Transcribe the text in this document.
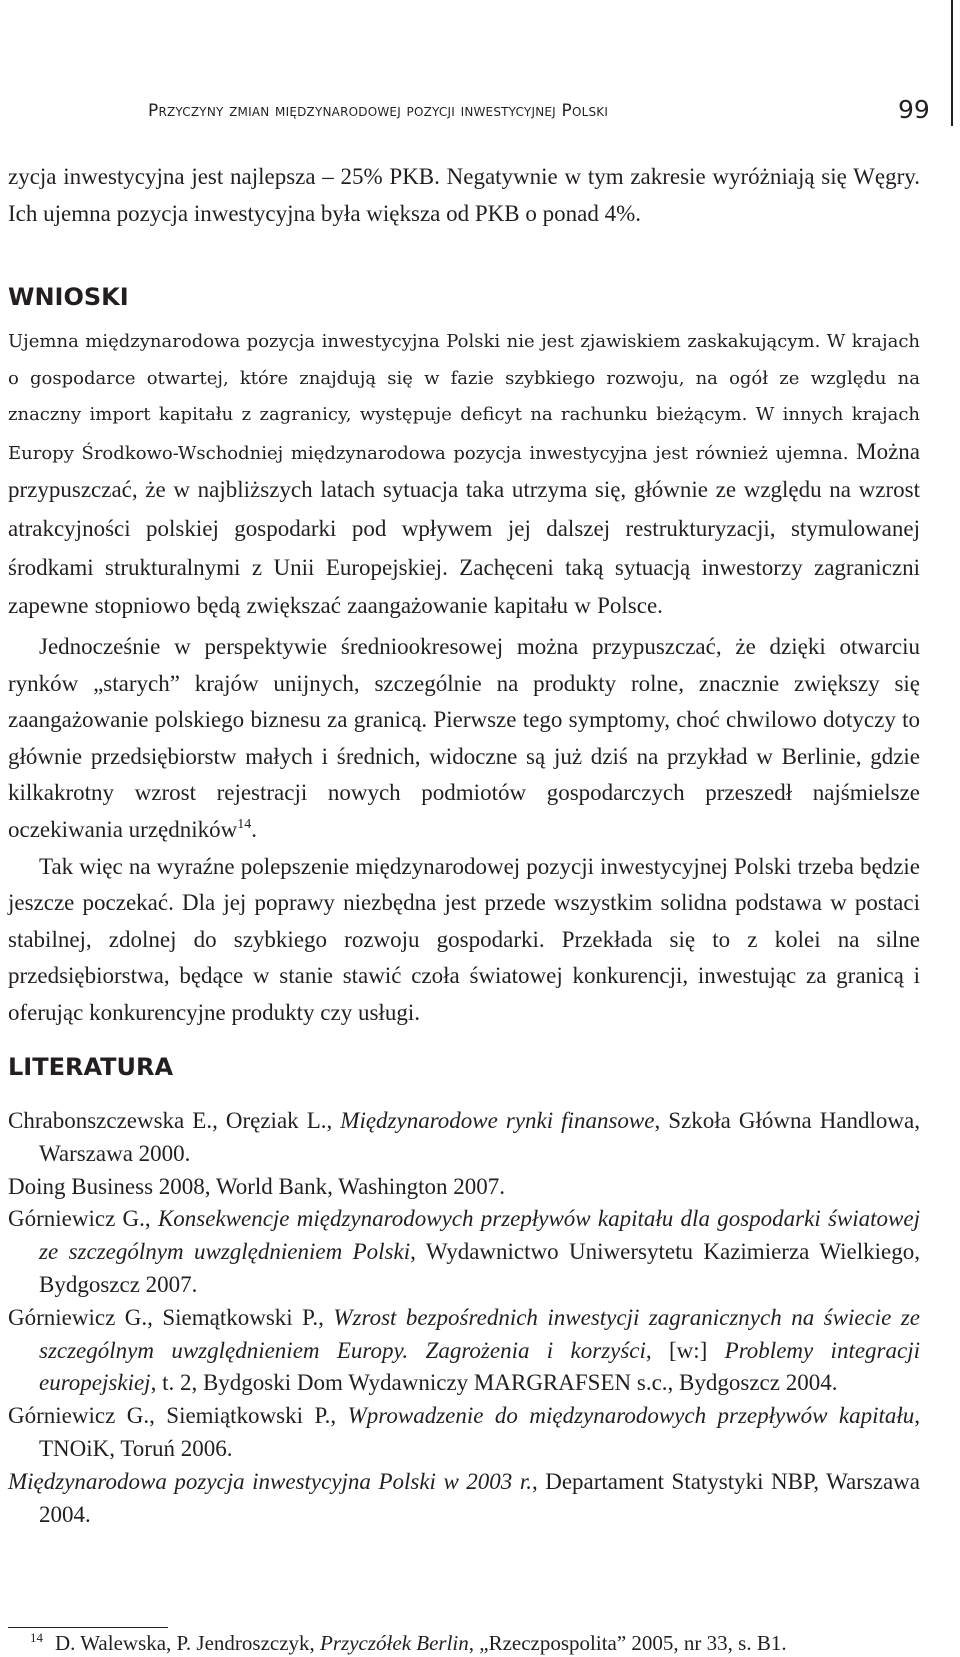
Przyczyny zmian międzynarodowej pozycji inwestycyjnej Polski	99

zycja inwestycyjna jest najlepsza – 25% PKB. Negatywnie w tym zakresie wyróżniają się Węgry. Ich ujemna pozycja inwestycyjna była większa od PKB o ponad 4%.

WNIOSKI

Ujemna międzynarodowa pozycja inwestycyjna Polski nie jest zjawiskiem zaskakującym. W krajach o gospodarce otwartej, które znajdują się w fazie szybkiego rozwoju, na ogół ze względu na znaczny import kapitału z zagranicy, występuje deficyt na rachunku bieżącym. W innych krajach Europy Środkowo-Wschodniej międzynarodowa pozycja inwestycyjna jest również ujemna. Można przypuszczać, że w najbliższych latach sytuacja taka utrzyma się, głównie ze względu na wzrost atrakcyjności polskiej gospodarki pod wpływem jej dalszej restrukturyzacji, stymulowanej środkami strukturalnymi z Unii Europejskiej. Zachęceni taką sytuacją inwestorzy zagraniczni zapewne stopniowo będą zwiększać zaangażowanie kapitału w Polsce.

Jednocześnie w perspektywie średniookresowej można przypuszczać, że dzięki otwarciu rynków „starych” krajów unijnych, szczególnie na produkty rolne, znacznie zwiększy się zaangażowanie polskiego biznesu za granicą. Pierwsze tego symptomy, choć chwilowo dotyczy to głównie przedsiębiorstw małych i średnich, widoczne są już dziś na przykład w Berlinie, gdzie kilkakrotny wzrost rejestracji nowych podmiotów gospodarczych przeszedł najśmielsze oczekiwania urzędników$^{14}$.

Tak więc na wyraźne polepszenie międzynarodowej pozycji inwestycyjnej Polski trzeba będzie jeszcze poczekać. Dla jej poprawy niezbędna jest przede wszystkim solidna podstawa w postaci stabilnej, zdolnej do szybkiego rozwoju gospodarki. Przekłada się to z kolei na silne przedsiębiorstwa, będące w stanie stawić czoła światowej konkurencji, inwestując za granicą i oferując konkurencyjne produkty czy usługi.

LITERATURA
Chrabonszczewska E., Oręziak L., Międzynarodowe rynki finansowe, Szkoła Główna Handlowa, Warszawa 2000.
Doing Business 2008, World Bank, Washington 2007.
Górniewicz G., Konsekwencje międzynarodowych przepływów kapitału dla gospodarki światowej ze szczególnym uwzględnieniem Polski, Wydawnictwo Uniwersytetu Kazimierza Wielkiego, Bydgoszcz 2007.
Górniewicz G., Siemątkowski P., Wzrost bezpośrednich inwestycji zagranicznych na świecie ze szczególnym uwzględnieniem Europy. Zagrożenia i korzyści, [w:] Problemy integracji europejskiej, t. 2, Bydgoski Dom Wydawniczy MARGRAFSEN s.c., Bydgoszcz 2004.
Górniewicz G., Siemiątkowski P., Wprowadzenie do międzynarodowych przepływów kapitału, TNOiK, Toruń 2006.
Międzynarodowa pozycja inwestycyjna Polski w 2003 r., Departament Statystyki NBP, Warszawa 2004.
$^{14}$ D. Walewska, P. Jendroszczyk, Przyczółek Berlin, „Rzeczpospolita” 2005, nr 33, s. B1.
